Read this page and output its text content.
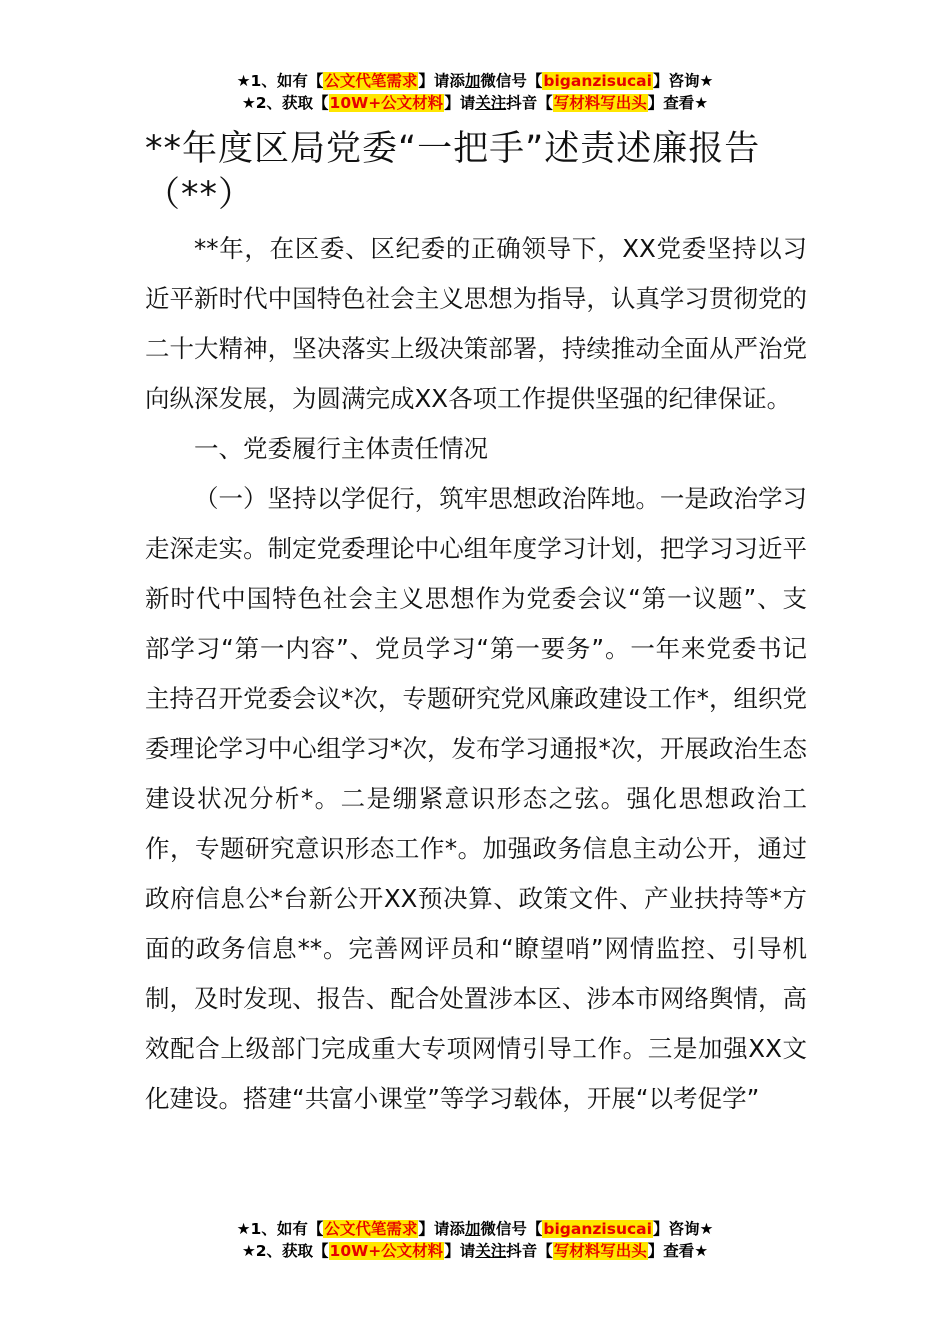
★1、如有【公文代笔需求】请添加微信号【biganzisucai】咨询★
★2、获取【10W+公文材料】请关注抖音【写材料写出头】查看★
**年度区局党委“一把手”述责述廉报告（**）

**年，在区委、区纪委的正确领导下，XX党委坚持以习近平新时代中国特色社会主义思想为指导，认真学习贯彻党的二十大精神，坚决落实上级决策部署，持续推动全面从严治党向纵深发展，为圆满完成XX各项工作提供坚强的纪律保证。

一、党委履行主体责任情况

（一）坚持以学促行，筑牢思想政治阵地。一是政治学习走深走实。制定党委理论中心组年度学习计划，把学习习近平新时代中国特色社会主义思想作为党委会议“第一议题”、支部学习“第一内容”、党员学习“第一要务”。一年来党委书记主持召开党委会议*次，专题研究党风廉政建设工作*，组织党委理论学习中心组学习*次，发布学习通报*次，开展政治生态建设状况分析*。二是绷紧意识形态之弦。强化思想政治工作，专题研究意识形态工作*。加强政务信息主动公开，通过政府信息公*台新公开XX预决算、政策文件、产业扶持等*方面的政务信息**。完善网评员和“瞭望哨”网情监控、引导机制，及时发现、报告、配合处置涉本区、涉本市网络舆情，高效配合上级部门完成重大专项网情引导工作。三是加强XX文化建设。搭建“共富小课堂”等学习载体，开展“以考促学”

★1、如有【公文代笔需求】请添加微信号【biganzisucai】咨询★
★2、获取【10W+公文材料】请关注抖音【写材料写出头】查看★
